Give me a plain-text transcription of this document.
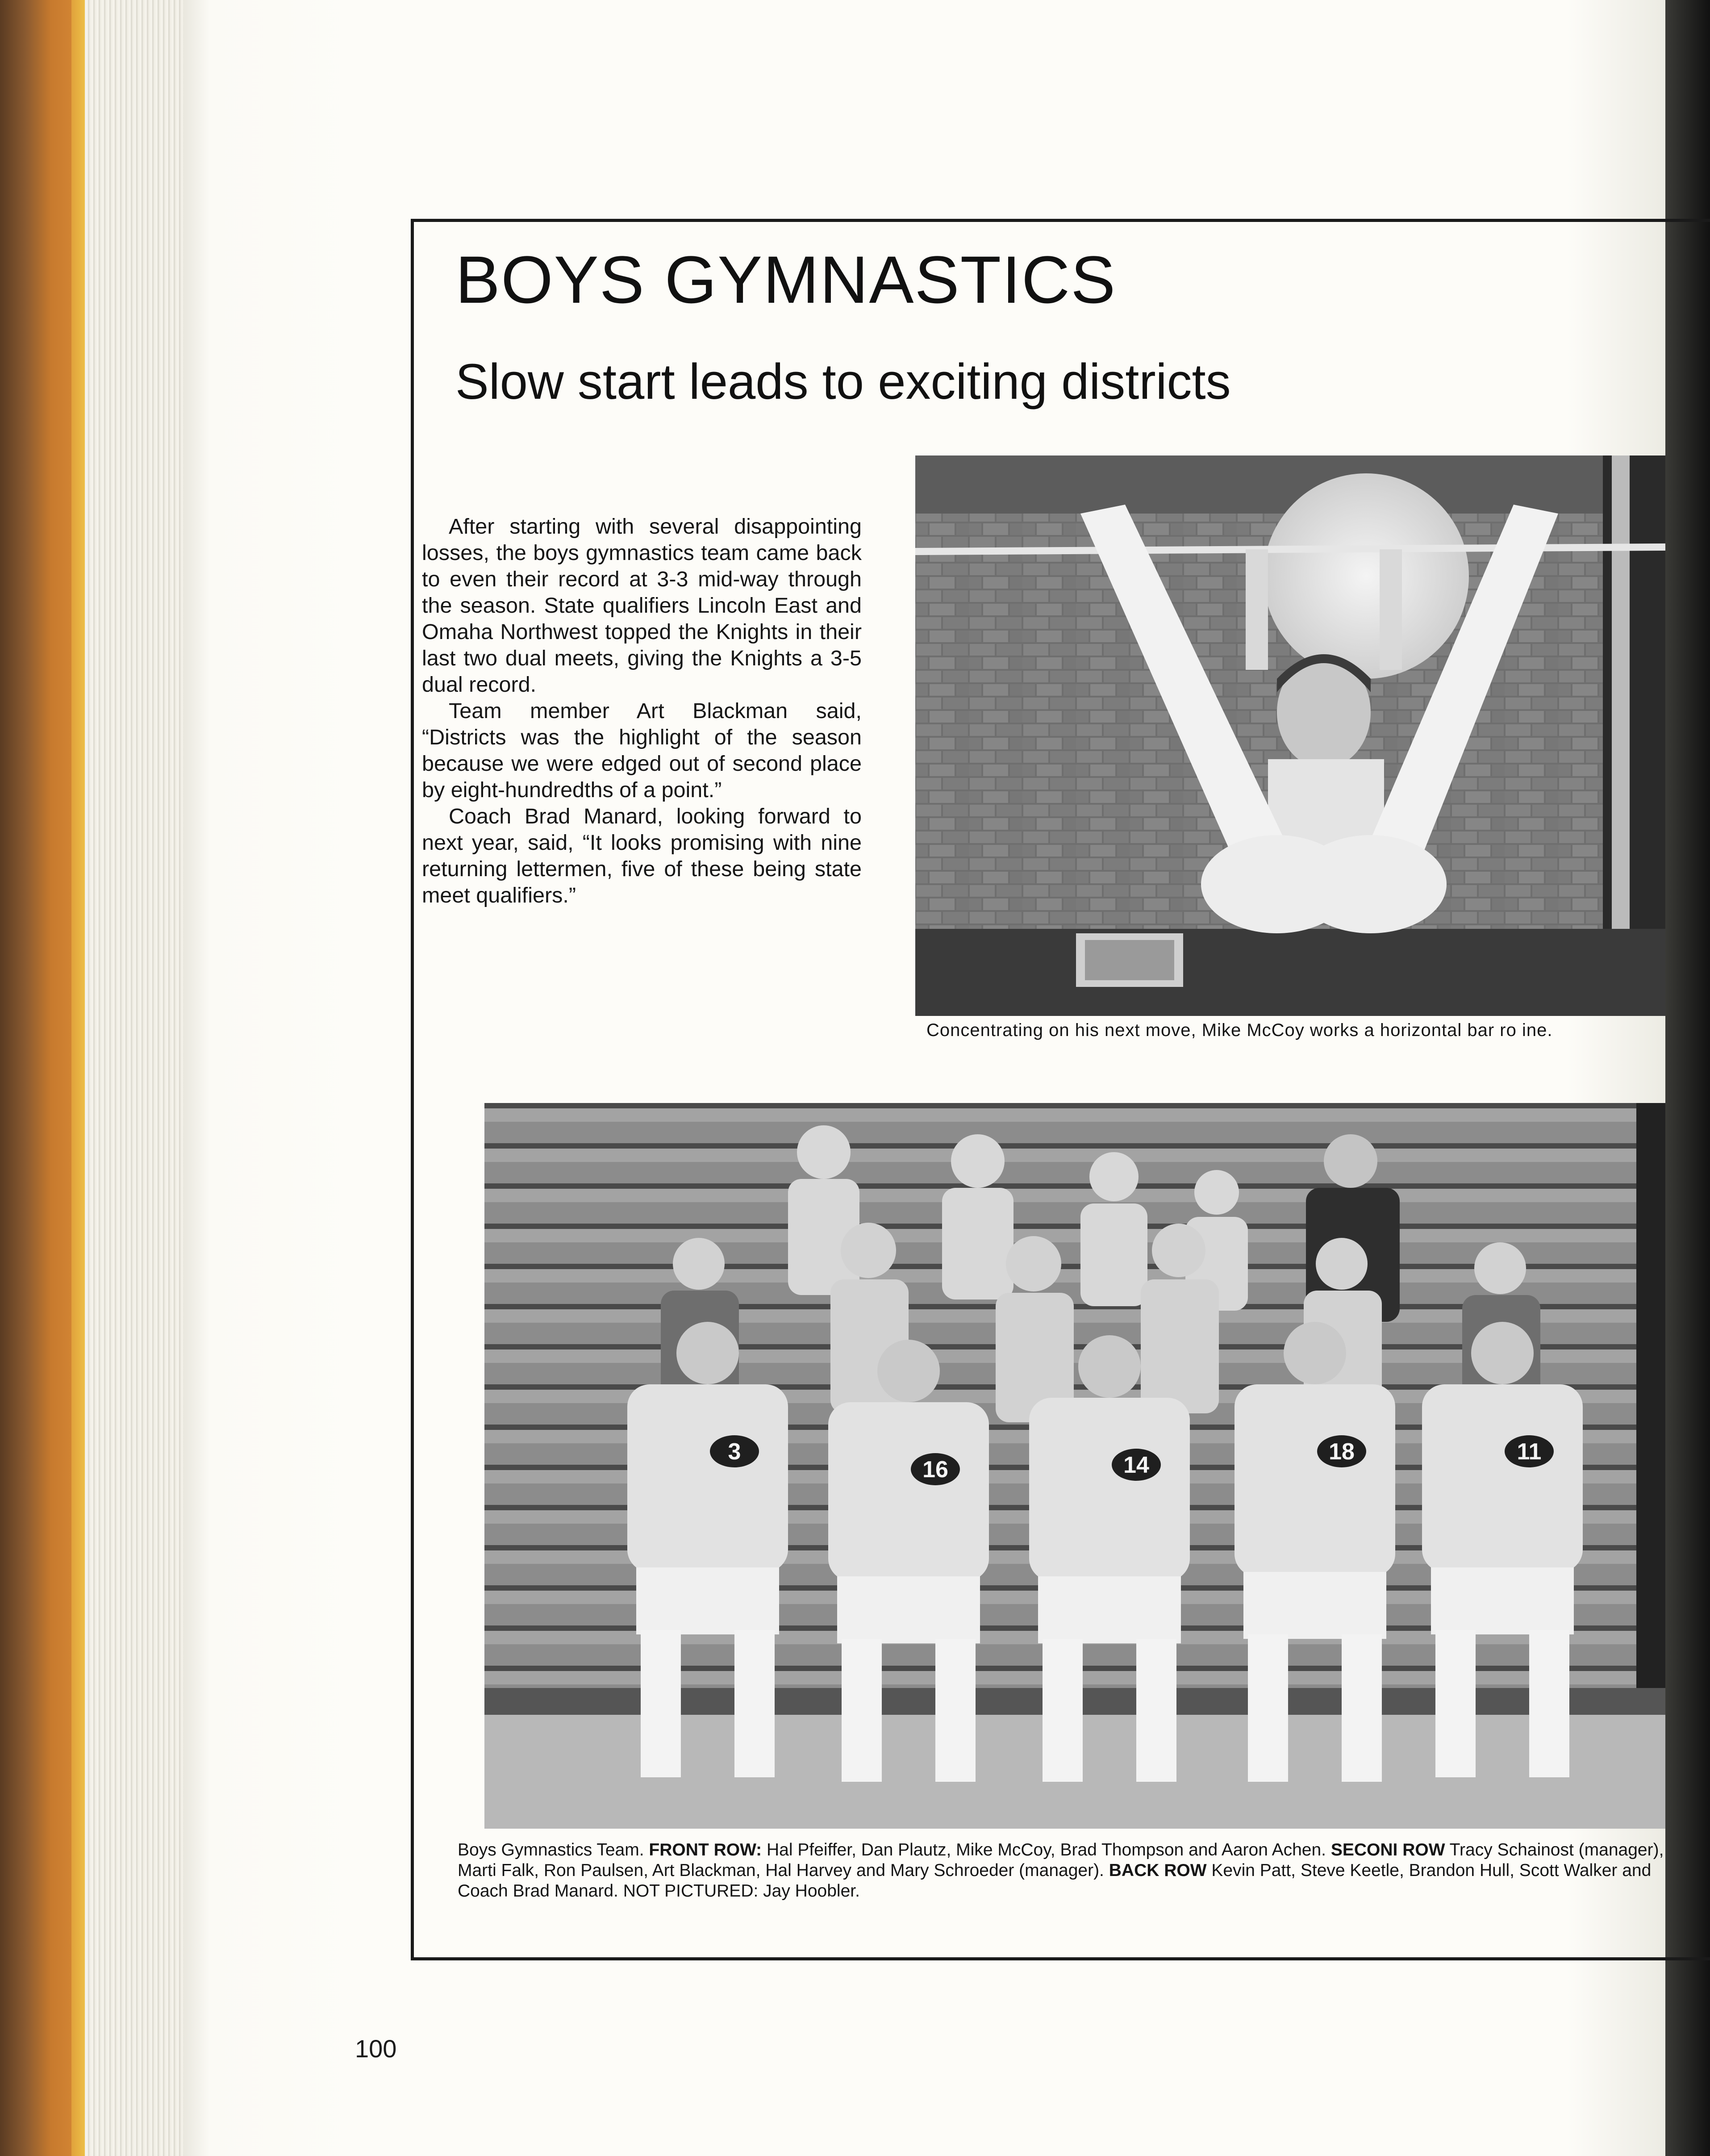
BOYS GYMNASTICS
Slow start leads to exciting districts

After starting with several disappointing losses, the boys gymnastics team came back to even their record at 3-3 mid-way through the season. State qualifiers Lincoln East and Omaha Northwest topped the Knights in their last two dual meets, giving the Knights a 3-5 dual record.

Team member Art Blackman said, “Districts was the highlight of the season because we were edged out of second place by eight-hundredths of a point.”

Coach Brad Manard, looking forward to next year, said, “It looks promising with nine returning lettermen, five of these being state meet qualifiers.”

Concentrating on his next move, Mike McCoy works a horizontal bar ro ine.
3
16	14
18	11
Boys Gymnastics Team. FRONT ROW: Hal Pfeiffer, Dan Plautz, Mike McCoy, Brad Thompson and Aaron Achen. SECONI ROW Tracy Schainost (manager), Marti Falk, Ron Paulsen, Art Blackman, Hal Harvey and Mary Schroeder (manager). BACK ROW Kevin Patt, Steve Keetle, Brandon Hull, Scott Walker and Coach Brad Manard. NOT PICTURED: Jay Hoobler.
100
